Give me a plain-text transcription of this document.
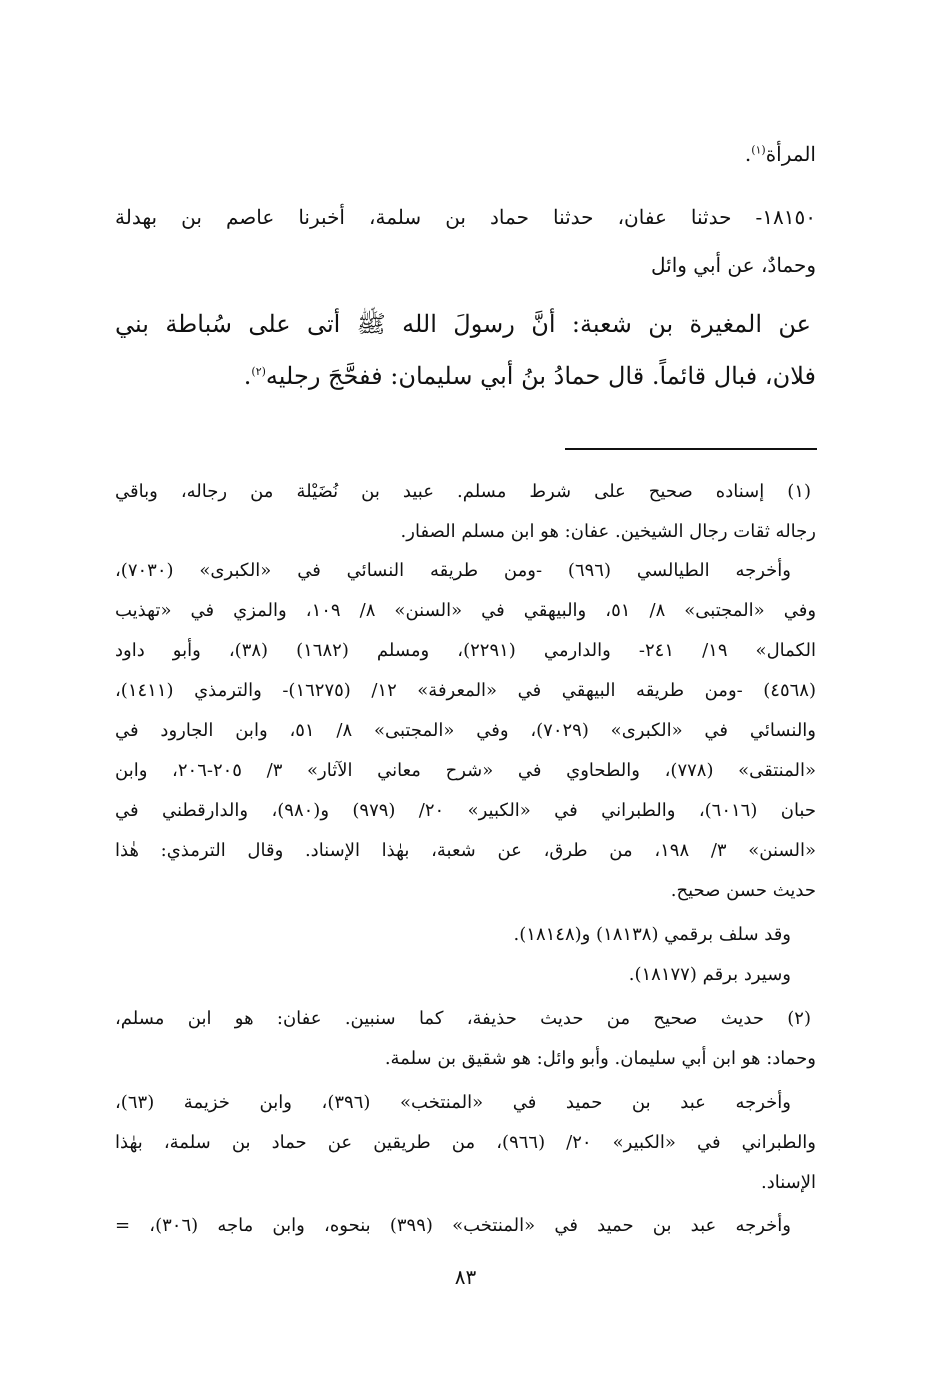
المرأة$^{(١)}$.
١٨١٥٠- حدثنا عفان، حدثنا حماد بن سلمة، أخبرنا عاصم بن بهدلة
وحمادٌ، عن أبي وائل
عن المغيرة بن شعبة: أنَّ رسولَ الله ﷺ أتى على سُباطة بني
فلان، فبال قائماً. قال حمادُ بنُ أبي سليمان: ففحَّجَ رجليه$^{(٢)}$.
(١) إسناده صحيح على شرط مسلم. عبيد بن نُضَيْلة من رجاله، وباقي
رجاله ثقات رجال الشيخين. عفان: هو ابن مسلم الصفار.
وأخرجه الطيالسي (٦٩٦) -ومن طريقه النسائي في «الكبرى» (٧٠٣٠)،
وفي «المجتبى» ٨/ ٥١، والبيهقي في «السنن» ٨/ ١٠٩، والمزي في «تهذيب
الكمال» ١٩/ ٢٤١- والدارمي (٢٢٩١)، ومسلم (١٦٨٢) (٣٨)، وأبو داود
(٤٥٦٨) -ومن طريقه البيهقي في «المعرفة» ١٢/ (١٦٢٧٥)- والترمذي (١٤١١)،
والنسائي في «الكبرى» (٧٠٢٩)، وفي «المجتبى» ٨/ ٥١، وابن الجارود في
«المنتقى» (٧٧٨)، والطحاوي في «شرح معاني الآثار» ٣/ ٢٠٥-٢٠٦، وابن
حبان (٦٠١٦)، والطبراني في «الكبير» ٢٠/ (٩٧٩) و(٩٨٠)، والدارقطني في
«السنن» ٣/ ١٩٨، من طرق، عن شعبة، بهٰذا الإسناد. وقال الترمذي: هٰذا
حديث حسن صحيح.
وقد سلف برقمي (١٨١٣٨) و(١٨١٤٨).
وسيرد برقم (١٨١٧٧).
(٢) حديث صحيح من حديث حذيفة، كما سنبين. عفان: هو ابن مسلم،
وحماد: هو ابن أبي سليمان. وأبو وائل: هو شقيق بن سلمة.
وأخرجه عبد بن حميد في «المنتخب» (٣٩٦)، وابن خزيمة (٦٣)،
والطبراني في «الكبير» ٢٠/ (٩٦٦)، من طريقين عن حماد بن سلمة، بهٰذا
الإسناد.
وأخرجه عبد بن حميد في «المنتخب» (٣٩٩) بنحوه، وابن ماجه (٣٠٦)، =
٨٣
